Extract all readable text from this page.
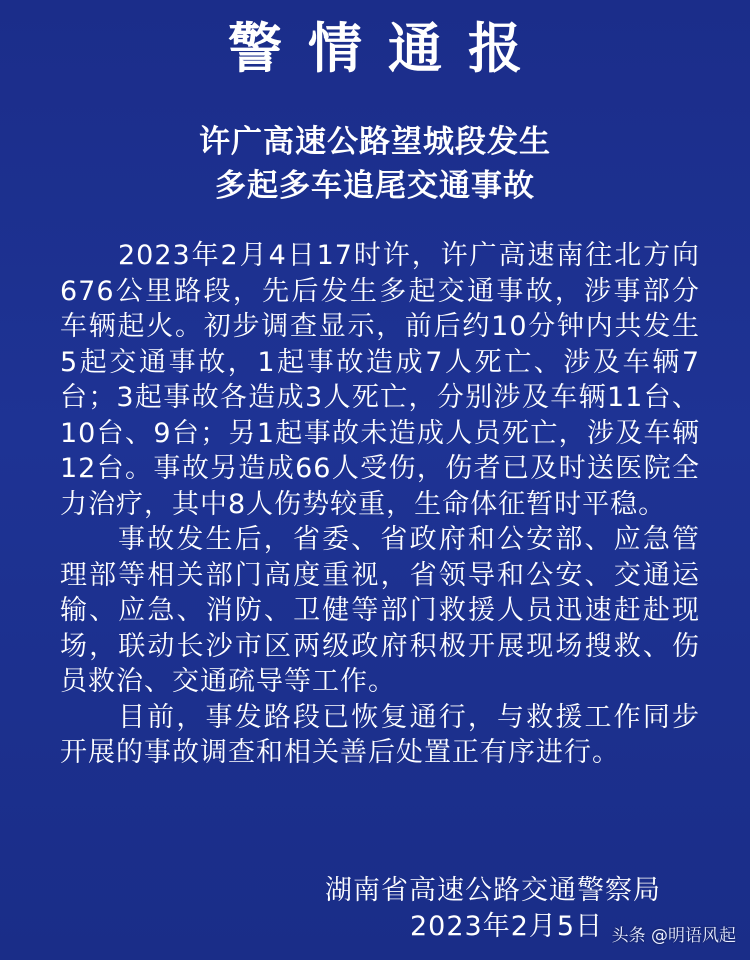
警情通报
许广高速公路望城段发生
多起多车追尾交通事故

2023年2月4日17时许，许广高速南往北方向676公里路段，先后发生多起交通事故，涉事部分车辆起火。初步调查显示，前后约10分钟内共发生5起交通事故，1起事故造成7人死亡、涉及车辆7台；3起事故各造成3人死亡，分别涉及车辆11台、10台、9台；另1起事故未造成人员死亡，涉及车辆12台。事故另造成66人受伤，伤者已及时送医院全力治疗，其中8人伤势较重，生命体征暂时平稳。

事故发生后，省委、省政府和公安部、应急管理部等相关部门高度重视，省领导和公安、交通运输、应急、消防、卫健等部门救援人员迅速赶赴现场，联动长沙市区两级政府积极开展现场搜救、伤员救治、交通疏导等工作。

目前，事发路段已恢复通行，与救援工作同步开展的事故调查和相关善后处置正有序进行。

湖南省高速公路交通警察局
2023年2月5日 头条 @明语风起
